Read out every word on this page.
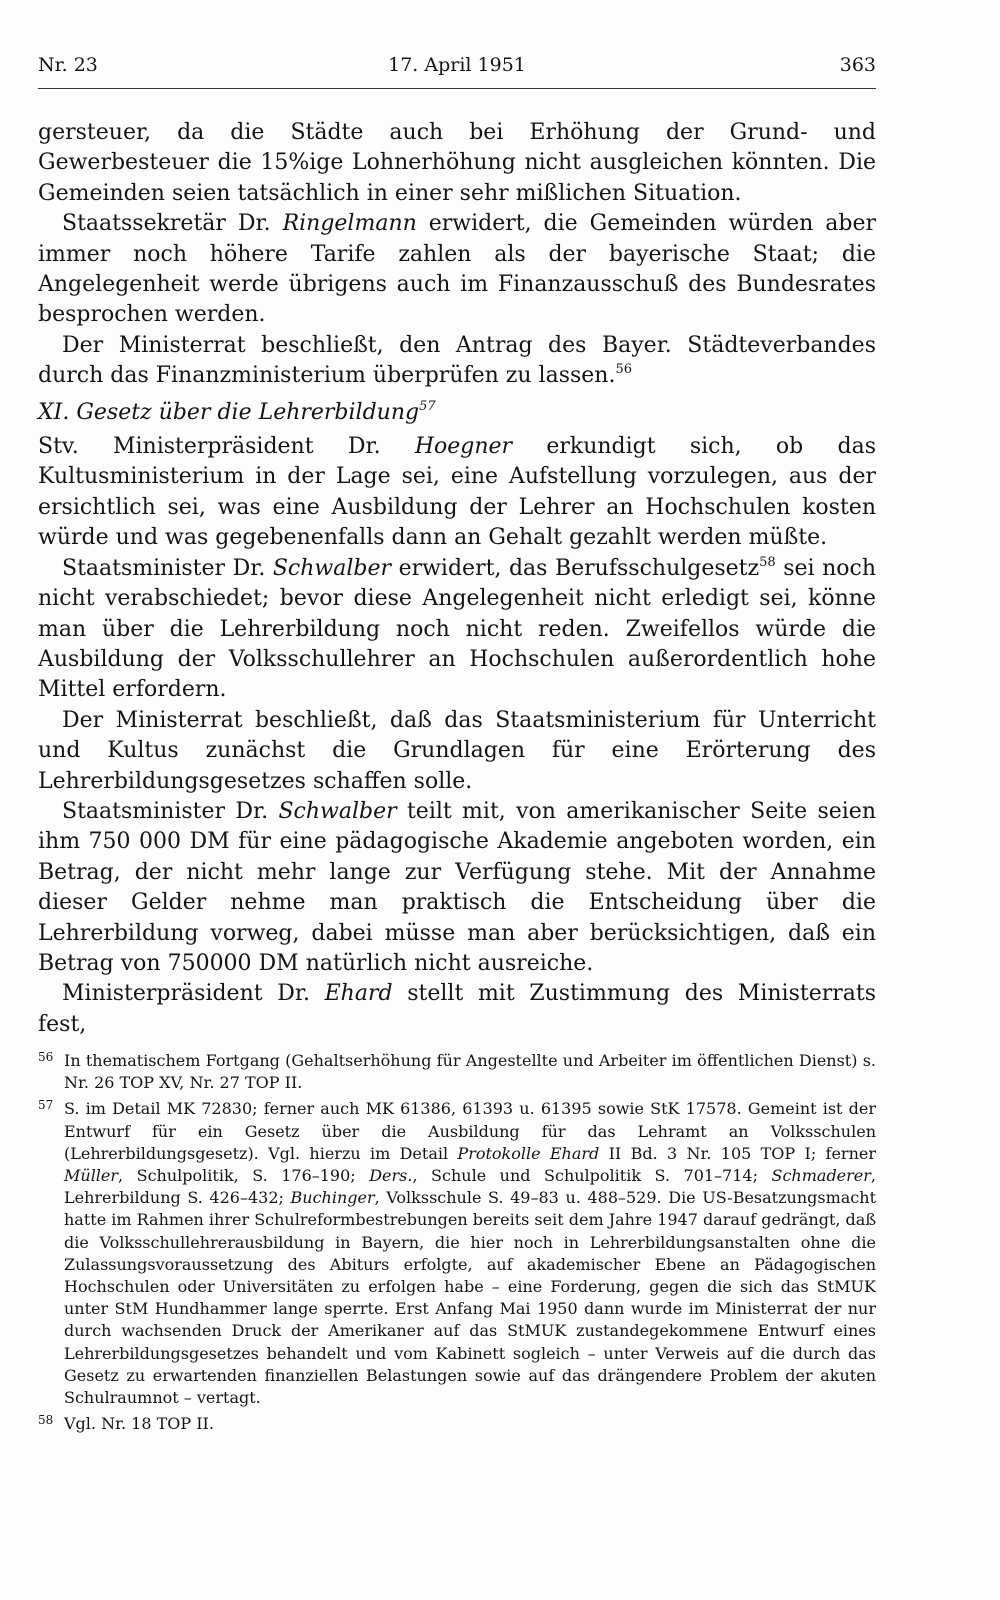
Nr. 23	17. April 1951	363

gersteuer, da die Städte auch bei Erhöhung der Grund- und Gewerbesteuer die 15%ige Lohnerhöhung nicht ausgleichen könnten. Die Gemeinden seien tatsächlich in einer sehr mißlichen Situation.

Staatssekretär Dr. Ringelmann erwidert, die Gemeinden würden aber immer noch höhere Tarife zahlen als der bayerische Staat; die Angelegenheit werde übrigens auch im Finanzausschuß des Bundesrates besprochen werden.

Der Ministerrat beschließt, den Antrag des Bayer. Städteverbandes durch das Finanzministerium überprüfen zu lassen.$^{56}$

XI. Gesetz über die Lehrerbildung$^{57}$

Stv. Ministerpräsident Dr. Hoegner erkundigt sich, ob das Kultusministerium in der Lage sei, eine Aufstellung vorzulegen, aus der ersichtlich sei, was eine Ausbildung der Lehrer an Hochschulen kosten würde und was gegebenenfalls dann an Gehalt gezahlt werden müßte.

Staatsminister Dr. Schwalber erwidert, das Berufsschulgesetz$^{58}$ sei noch nicht verabschiedet; bevor diese Angelegenheit nicht erledigt sei, könne man über die Lehrerbildung noch nicht reden. Zweifellos würde die Ausbildung der Volksschullehrer an Hochschulen außerordentlich hohe Mittel erfordern.

Der Ministerrat beschließt, daß das Staatsministerium für Unterricht und Kultus zunächst die Grundlagen für eine Erörterung des Lehrerbildungsgesetzes schaffen solle.

Staatsminister Dr. Schwalber teilt mit, von amerikanischer Seite seien ihm 750 000 DM für eine pädagogische Akademie angeboten worden, ein Betrag, der nicht mehr lange zur Verfügung stehe. Mit der Annahme dieser Gelder nehme man praktisch die Entscheidung über die Lehrerbildung vorweg, dabei müsse man aber berücksichtigen, daß ein Betrag von 750000 DM natürlich nicht ausreiche.

Ministerpräsident Dr. Ehard stellt mit Zustimmung des Ministerrats fest,

56 In thematischem Fortgang (Gehaltserhöhung für Angestellte und Arbeiter im öffentlichen Dienst) s. Nr. 26 TOP XV, Nr. 27 TOP II.
57 S. im Detail MK 72830; ferner auch MK 61386, 61393 u. 61395 sowie StK 17578. Gemeint ist der Entwurf für ein Gesetz über die Ausbildung für das Lehramt an Volksschulen (Lehrerbildungsgesetz). Vgl. hierzu im Detail Protokolle Ehard II Bd. 3 Nr. 105 TOP I; ferner Müller, Schulpolitik, S. 176–190; Ders., Schule und Schulpolitik S. 701–714; Schmaderer, Lehrerbildung S. 426–432; Buchinger, Volksschule S. 49–83 u. 488–529. Die US-Besatzungsmacht hatte im Rahmen ihrer Schulreformbestrebungen bereits seit dem Jahre 1947 darauf gedrängt, daß die Volksschullehrerausbildung in Bayern, die hier noch in Lehrerbildungsanstalten ohne die Zulassungsvoraussetzung des Abiturs erfolgte, auf akademischer Ebene an Pädagogischen Hochschulen oder Universitäten zu erfolgen habe – eine Forderung, gegen die sich das StMUK unter StM Hundhammer lange sperrte. Erst Anfang Mai 1950 dann wurde im Ministerrat der nur durch wachsenden Druck der Amerikaner auf das StMUK zustandegekommene Entwurf eines Lehrerbildungsgesetzes behandelt und vom Kabinett sogleich – unter Verweis auf die durch das Gesetz zu erwartenden finanziellen Belastungen sowie auf das drängendere Problem der akuten Schulraumnot – vertagt.
58 Vgl. Nr. 18 TOP II.
